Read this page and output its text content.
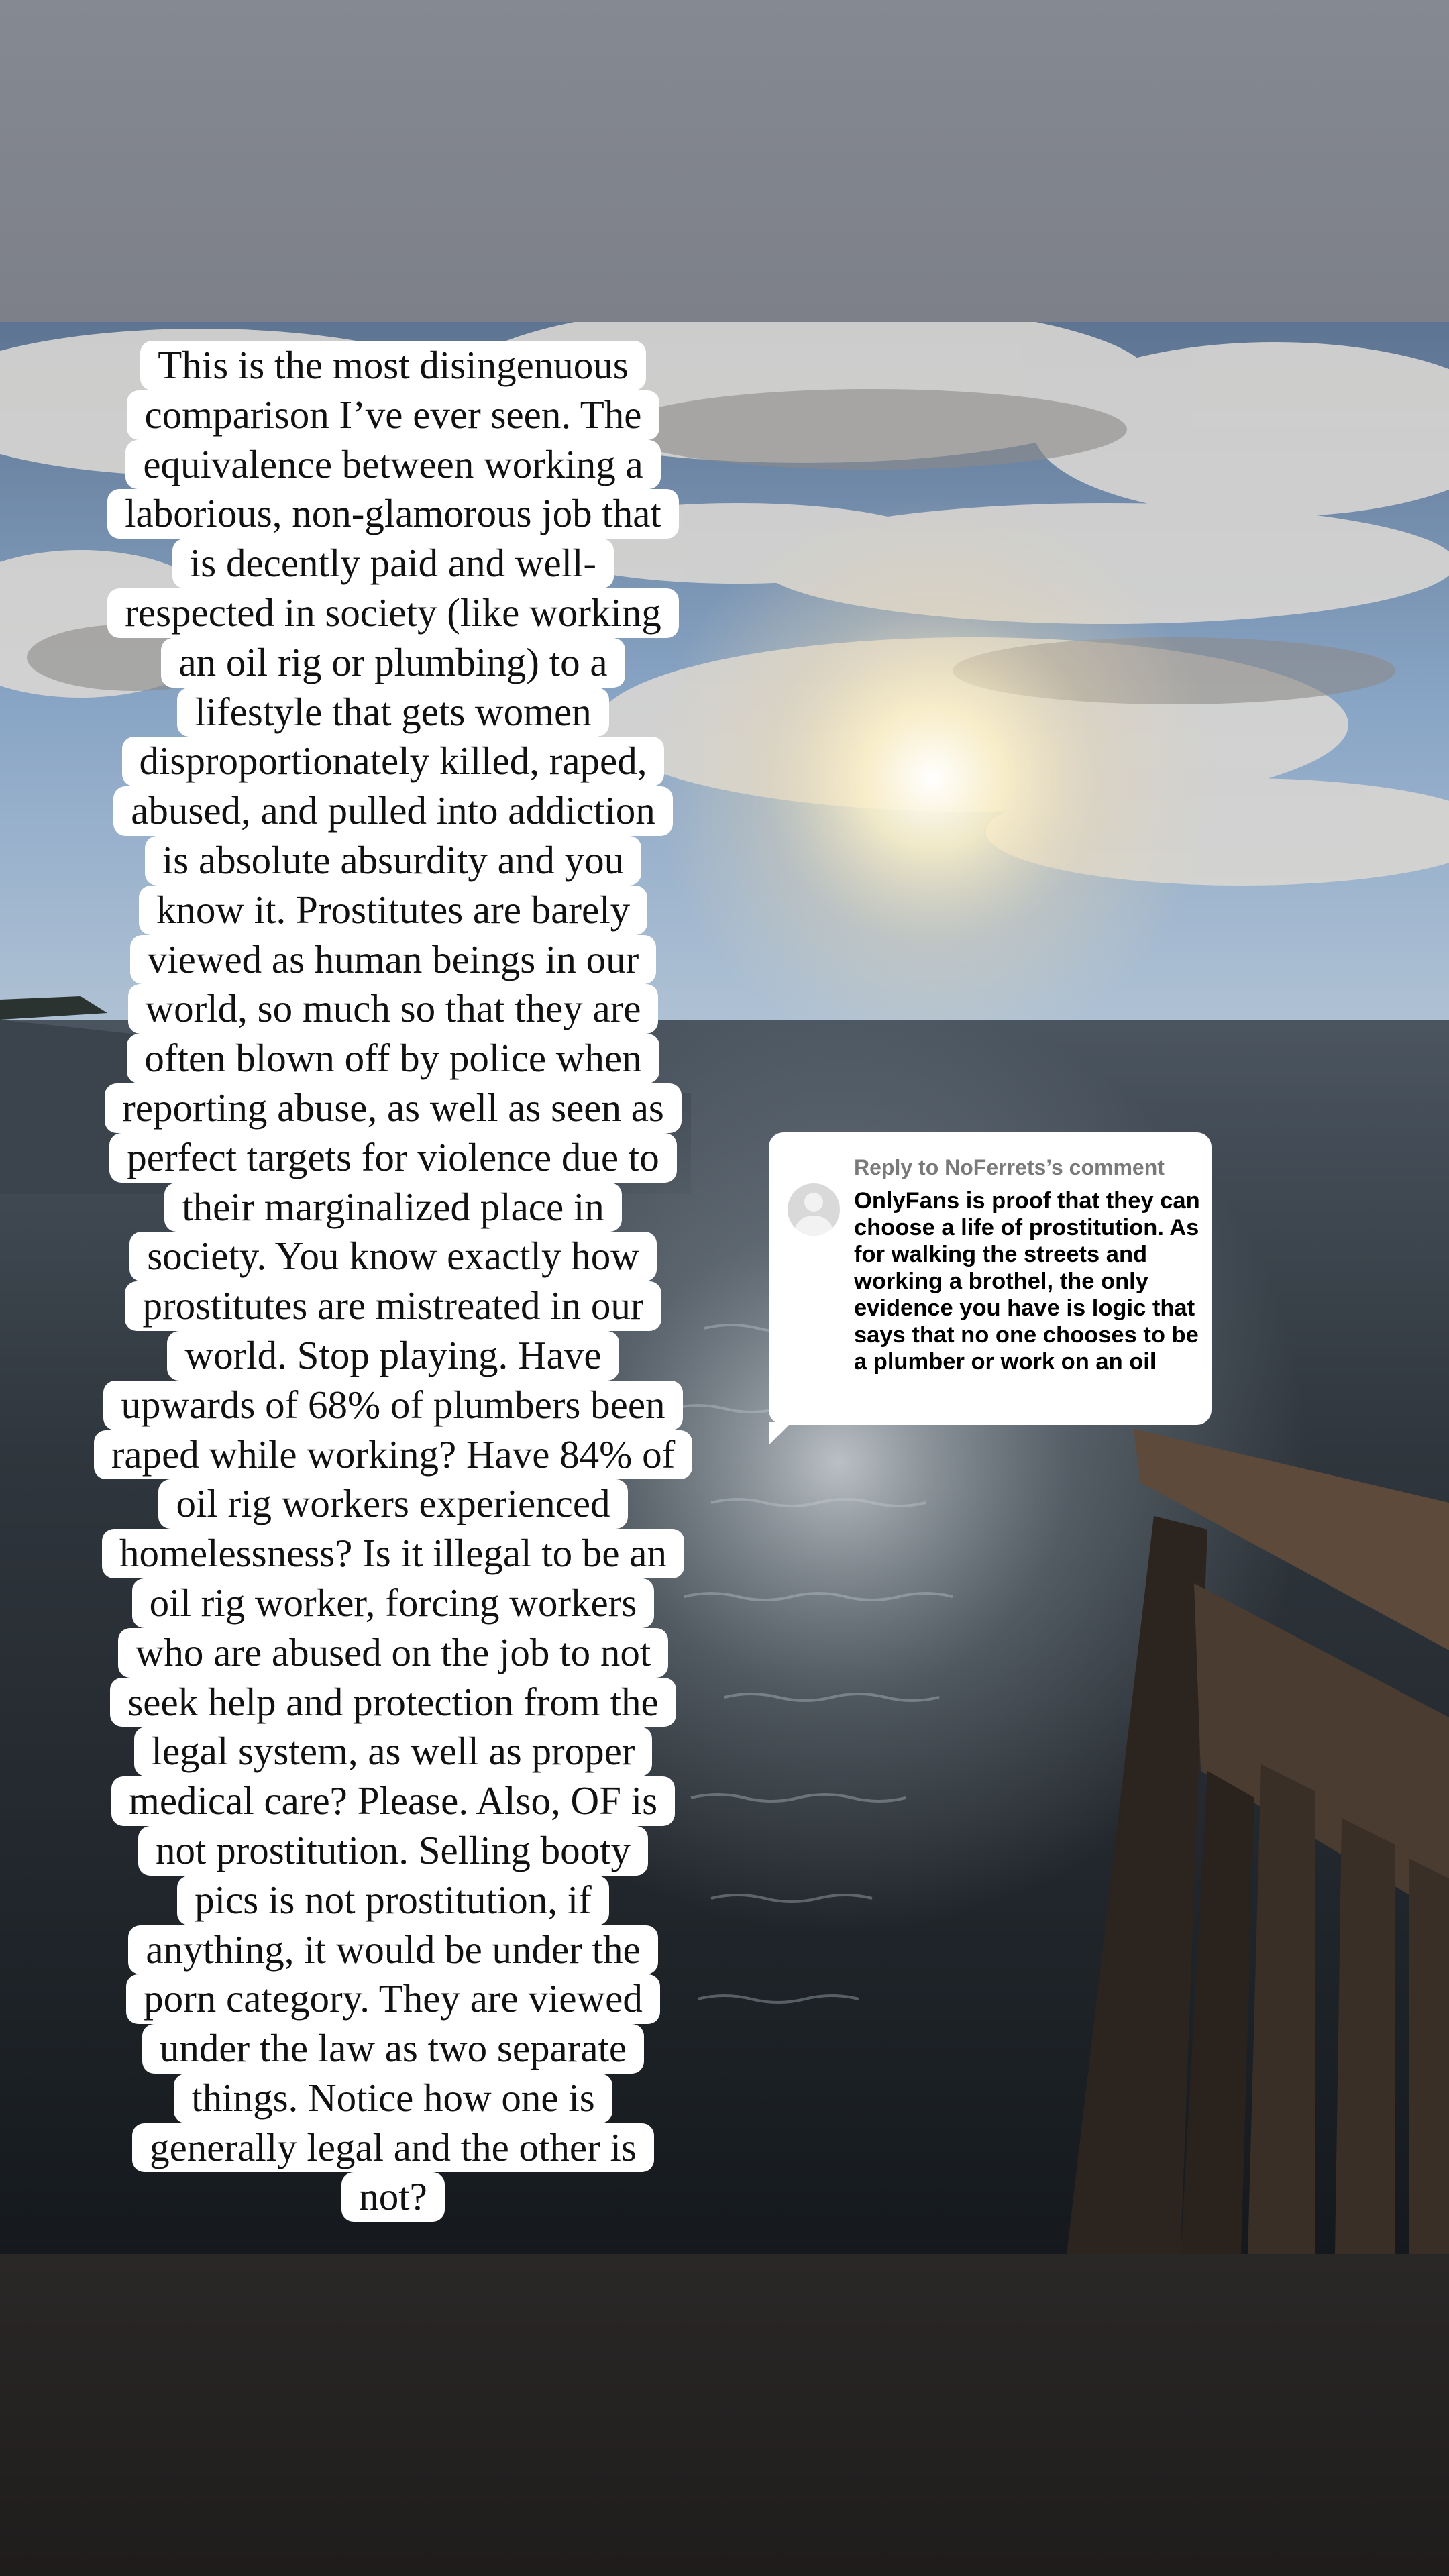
This is the most disingenuous
comparison I’ve ever seen. The
equivalence between working a
laborious, non-glamorous job that
is decently paid and well-
respected in society (like working
an oil rig or plumbing) to a
lifestyle that gets women
disproportionately killed, raped,
abused, and pulled into addiction
is absolute absurdity and you
know it. Prostitutes are barely
viewed as human beings in our
world, so much so that they are
often blown off by police when
reporting abuse, as well as seen as
perfect targets for violence due to
their marginalized place in
society. You know exactly how
prostitutes are mistreated in our
world. Stop playing. Have
upwards of 68% of plumbers been
raped while working? Have 84% of
oil rig workers experienced
homelessness? Is it illegal to be an
oil rig worker, forcing workers
who are abused on the job to not
seek help and protection from the
legal system, as well as proper
medical care? Please. Also, OF is
not prostitution. Selling booty
pics is not prostitution, if
anything, it would be under the
porn category. They are viewed
under the law as two separate
things. Notice how one is
generally legal and the other is
not?
Reply to NoFerrets’s comment
OnlyFans is proof that they can choose a life of prostitution. As for walking the streets and working a brothel, the only evidence you have is logic that says that no one chooses to be a plumber or work on an oil
